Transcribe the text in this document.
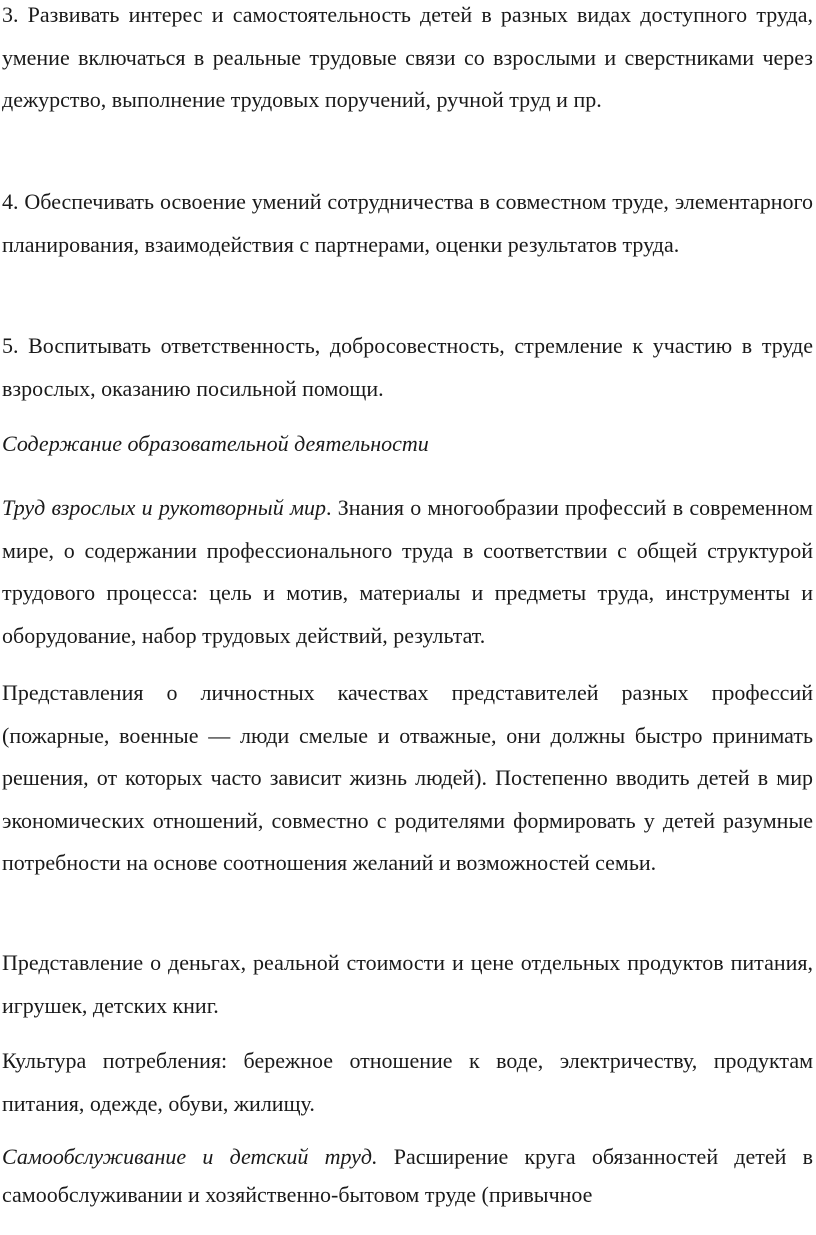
3. Развивать интерес и самостоятельность детей в разных видах доступного труда, умение включаться в реальные трудовые связи со взрослыми и сверстниками через дежурство, выполнение трудовых поручений, ручной труд и пр.

4. Обеспечивать освоение умений сотрудничества в совместном труде, элементарного планирования, взаимодействия с партнерами, оценки результатов труда.

5. Воспитывать ответственность, добросовестность, стремление к участию в труде взрослых, оказанию посильной помощи.

Содержание образовательной деятельности

Труд взрослых и рукотворный мир. Знания о многообразии профессий в современном мире, о содержании профессионального труда в соответствии с общей структурой трудового процесса: цель и мотив, материалы и предметы труда, инструменты и оборудование, набор трудовых действий, результат.

Представления о личностных качествах представителей разных профессий (пожарные, военные — люди смелые и отважные, они должны быстро принимать решения, от которых часто зависит жизнь людей). Постепенно вводить детей в мир экономических отношений, совместно с родителями формировать у детей разумные потребности на основе соотношения желаний и возможностей семьи.

Представление о деньгах, реальной стоимости и цене отдельных продуктов питания, игрушек, детских книг.

Культура потребления: бережное отношение к воде, электричеству, продуктам питания, одежде, обуви, жилищу.

Самообслуживание и детский труд. Расширение круга обязанностей детей в самообслуживании и хозяйственно-бытовом труде (привычное
